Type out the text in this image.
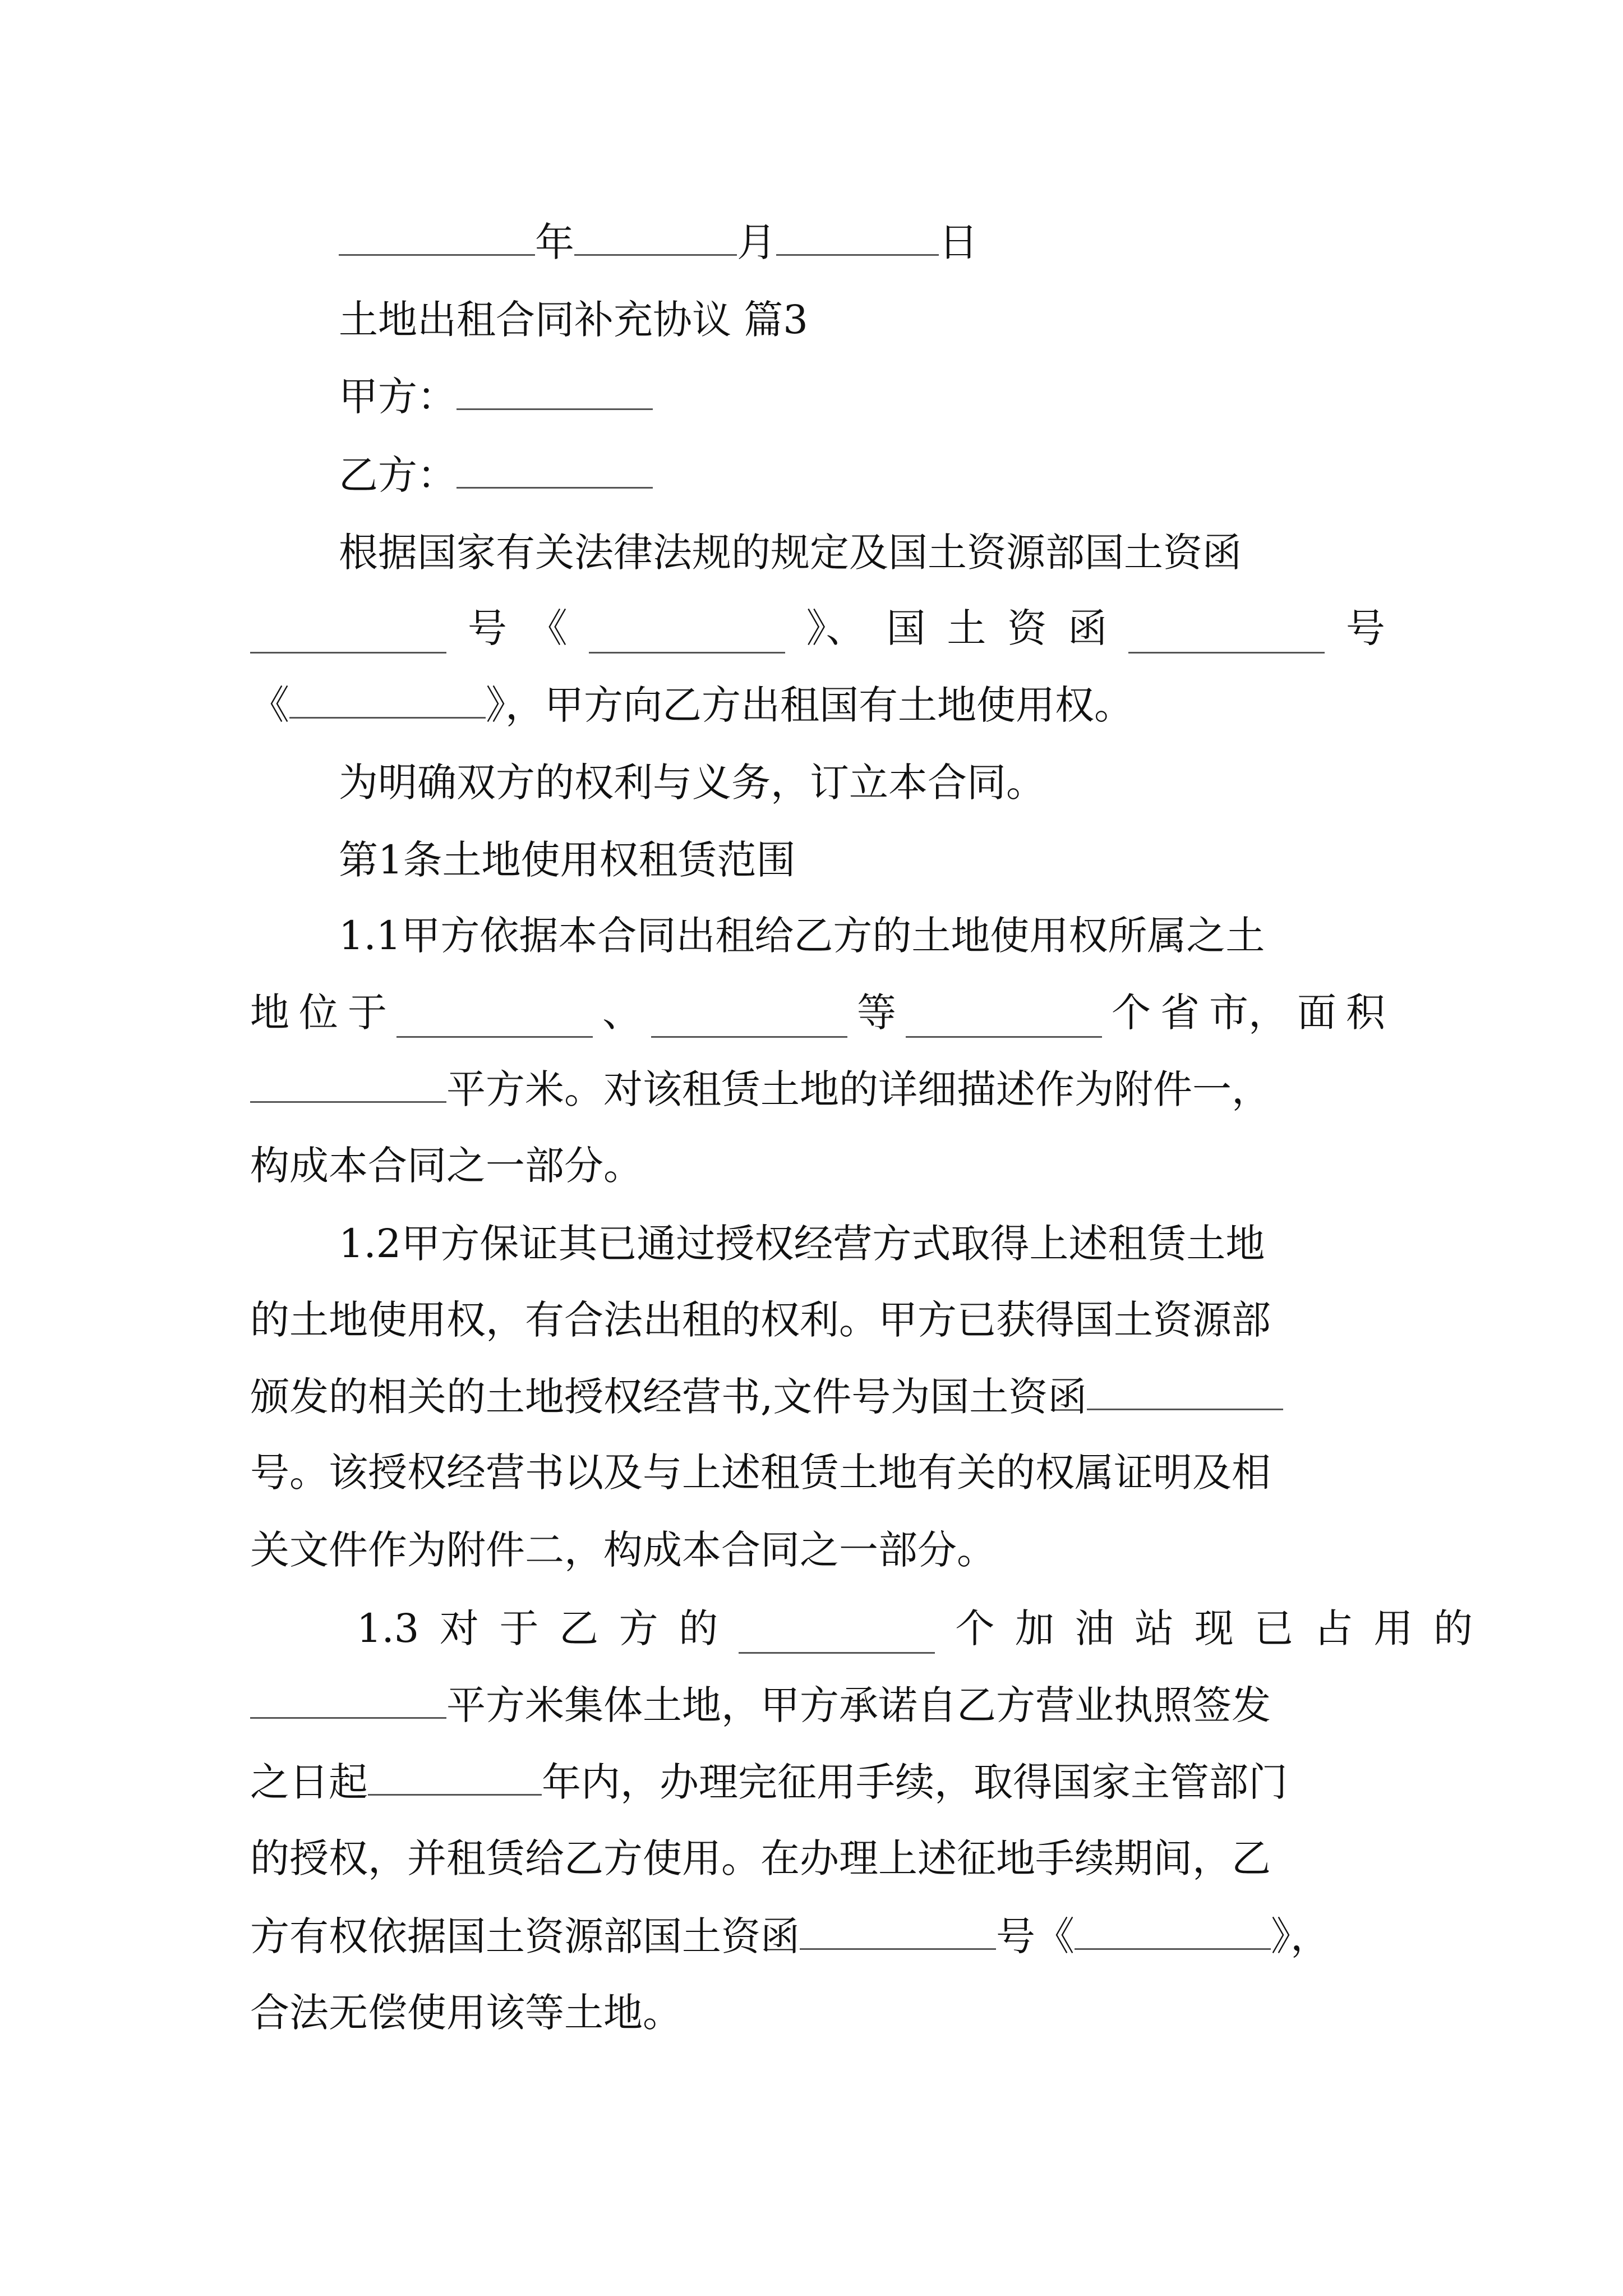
年	月	日
土地出租合同补充协议 篇3
甲方：
乙方：
根据国家有关法律法规的规定及国土资源部国土资函
号 《	》、 国 土 资 函	号
《	》，甲方向乙方出租国有土地使用权。
为明确双方的权利与义务，订立本合同。
第1条土地使用权租赁范围
1.1甲方依据本合同出租给乙方的土地使用权所属之土
地 位 于	、	等	个 省 市， 面 积
平方米。对该租赁土地的详细描述作为附件一，
构成本合同之一部分。
1.2甲方保证其已通过授权经营方式取得上述租赁土地
的土地使用权，有合法出租的权利。甲方已获得国土资源部
颁发的相关的土地授权经营书,文件号为国土资函
号。该授权经营书以及与上述租赁土地有关的权属证明及相
关文件作为附件二，构成本合同之一部分。
1.3 对 于 乙 方 的	个 加 油 站 现 已 占 用 的
平方米集体土地，甲方承诺自乙方营业执照签发
之日起	年内，办理完征用手续，取得国家主管部门
的授权，并租赁给乙方使用。在办理上述征地手续期间，乙
方有权依据国土资源部国土资函	号《	》，
合法无偿使用该等土地。
